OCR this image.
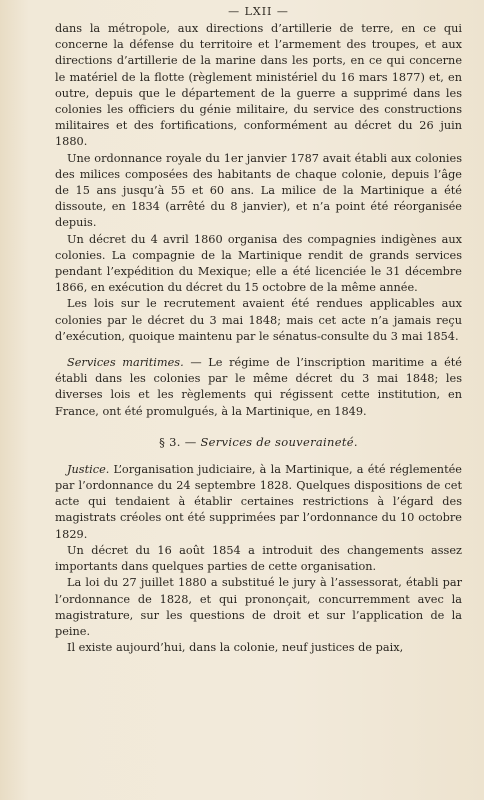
— LXII —

dans la métropole, aux directions d’artillerie de terre, en ce qui concerne la défense du territoire et l’armement des troupes, et aux directions d’artillerie de la marine dans les ports, en ce qui concerne le matériel de la flotte (règlement ministériel du 16 mars 1877) et, en outre, depuis que le département de la guerre a supprimé dans les colonies les officiers du génie militaire, du service des constructions militaires et des fortifications, conformément au décret du 26 juin 1880.

Une ordonnance royale du 1er janvier 1787 avait établi aux colonies des milices composées des habitants de chaque colonie, depuis l’âge de 15 ans jusqu’à 55 et 60 ans. La milice de la Martinique a été dissoute, en 1834 (arrêté du 8 janvier), et n’a point été réorganisée depuis.

Un décret du 4 avril 1860 organisa des compagnies indigènes aux colonies. La compagnie de la Martinique rendit de grands services pendant l’expédition du Mexique; elle a été licenciée le 31 décembre 1866, en exécution du décret du 15 octobre de la même année.

Les lois sur le recrutement avaient été rendues applicables aux colonies par le décret du 3 mai 1848; mais cet acte n’a jamais reçu d’exécution, quoique maintenu par le sénatus-consulte du 3 mai 1854.

Services maritimes. — Le régime de l’inscription maritime a été établi dans les colonies par le même décret du 3 mai 1848; les diverses lois et les règlements qui régissent cette institution, en France, ont été promulgués, à la Martinique, en 1849.

§ 3. — Services de souveraineté.

Justice. L’organisation judiciaire, à la Martinique, a été réglementée par l’ordonnance du 24 septembre 1828. Quelques dispositions de cet acte qui tendaient à établir certaines restrictions à l’égard des magistrats créoles ont été supprimées par l’ordonnance du 10 octobre 1829.

Un décret du 16 août 1854 a introduit des changements assez importants dans quelques parties de cette organisation.

La loi du 27 juillet 1880 a substitué le jury à l’assessorat, établi par l’ordonnance de 1828, et qui prononçait, concurremment avec la magistrature, sur les questions de droit et sur l’application de la peine.

Il existe aujourd’hui, dans la colonie, neuf justices de paix,
